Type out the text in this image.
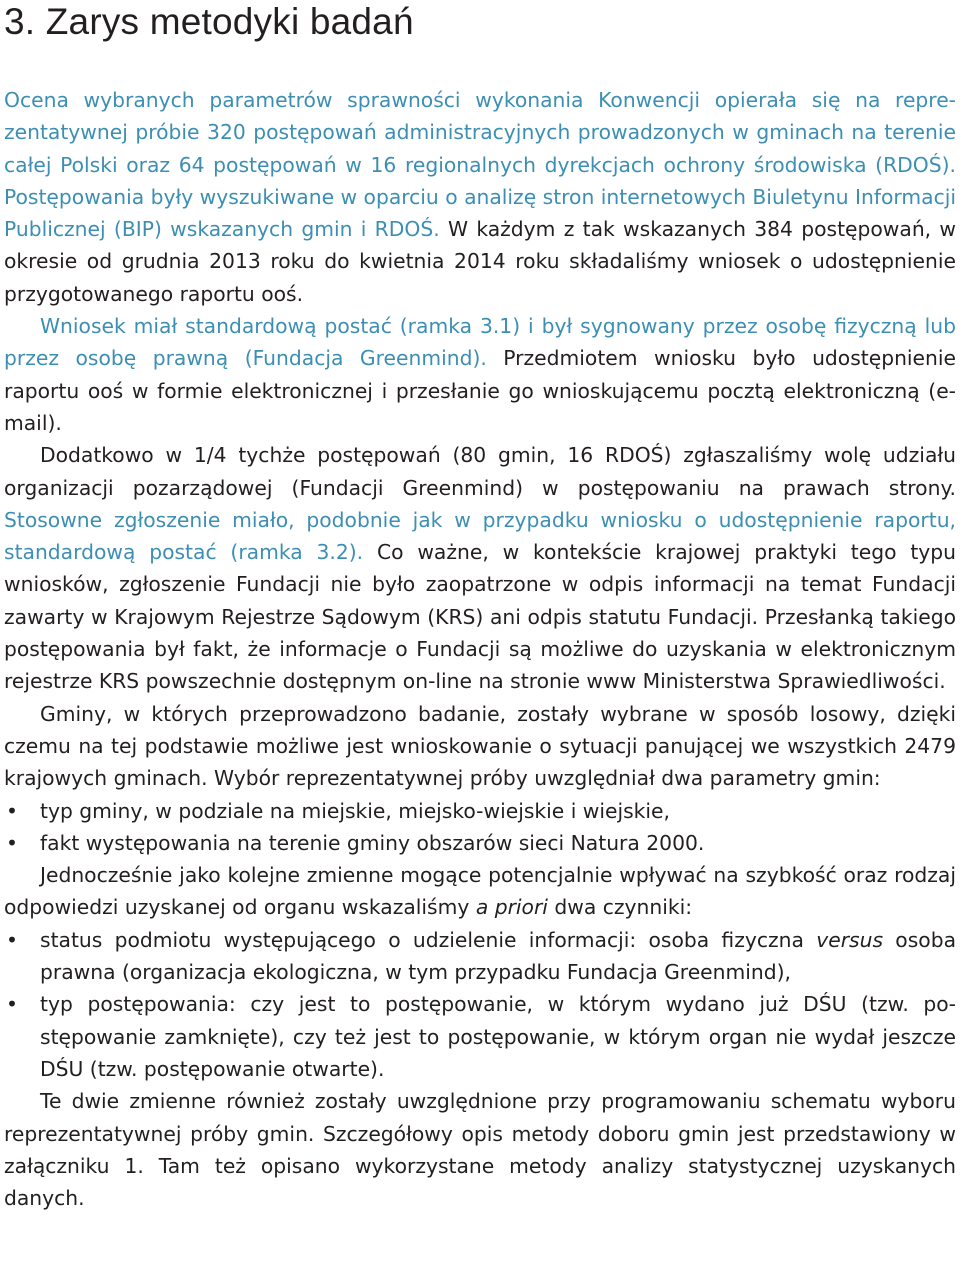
3. Zarys metodyki badań

Ocena wybranych parametrów sprawności wykonania Konwencji opierała się na reprezentatywnej próbie 320 postępowań administracyjnych prowadzonych w gminach na terenie całej Polski oraz 64 postępowań w 16 regionalnych dyrekcjach ochrony środowiska (RDOŚ). Postępowania były wyszukiwane w oparciu o analizę stron internetowych Biuletynu Informacji Publicznej (BIP) wskazanych gmin i RDOŚ. W każdym z tak wskazanych 384 postępowań, w okresie od grudnia 2013 roku do kwietnia 2014 roku składaliśmy wniosek o udostępnienie przygotowanego raportu ooś.

Wniosek miał standardową postać (ramka 3.1) i był sygnowany przez osobę fizyczną lub przez osobę prawną (Fundacja Greenmind). Przedmiotem wniosku było udostępnienie raportu ooś w formie elektronicznej i przesłanie go wnioskującemu pocztą elektroniczną (e-mail).

Dodatkowo w 1/4 tychże postępowań (80 gmin, 16 RDOŚ) zgłaszaliśmy wolę udziału organizacji pozarządowej (Fundacji Greenmind) w postępowaniu na prawach strony. Stosowne zgłoszenie miało, podobnie jak w przypadku wniosku o udostępnienie raportu, standardową postać (ramka 3.2). Co ważne, w kontekście krajowej praktyki tego typu wniosków, zgłoszenie Fundacji nie było zaopatrzone w odpis informacji na temat Fundacji zawarty w Krajowym Rejestrze Sądowym (KRS) ani odpis statutu Fundacji. Przesłanką takiego postępowania był fakt, że informacje o Fundacji są możliwe do uzyskania w elektronicznym rejestrze KRS powszechnie dostępnym on-line na stronie www Ministerstwa Sprawiedliwości.

Gminy, w których przeprowadzono badanie, zostały wybrane w sposób losowy, dzięki czemu na tej podstawie możliwe jest wnioskowanie o sytuacji panującej we wszystkich 2479 krajowych gminach. Wybór reprezentatywnej próby uwzględniał dwa parametry gmin:

• typ gminy, w podziale na miejskie, miejsko-wiejskie i wiejskie,
• fakt występowania na terenie gminy obszarów sieci Natura 2000.

Jednocześnie jako kolejne zmienne mogące potencjalnie wpływać na szybkość oraz rodzaj odpowiedzi uzyskanej od organu wskazaliśmy a priori dwa czynniki:

• status podmiotu występującego o udzielenie informacji: osoba fizyczna versus osoba prawna (organizacja ekologiczna, w tym przypadku Fundacja Greenmind),
• typ postępowania: czy jest to postępowanie, w którym wydano już DŚU (tzw. postępowanie zamknięte), czy też jest to postępowanie, w którym organ nie wydał jeszcze DŚU (tzw. postępowanie otwarte).

Te dwie zmienne również zostały uwzględnione przy programowaniu schematu wyboru reprezentatywnej próby gmin. Szczegółowy opis metody doboru gmin jest przedstawiony w załączniku 1. Tam też opisano wykorzystane metody analizy statystycznej uzyskanych danych.
